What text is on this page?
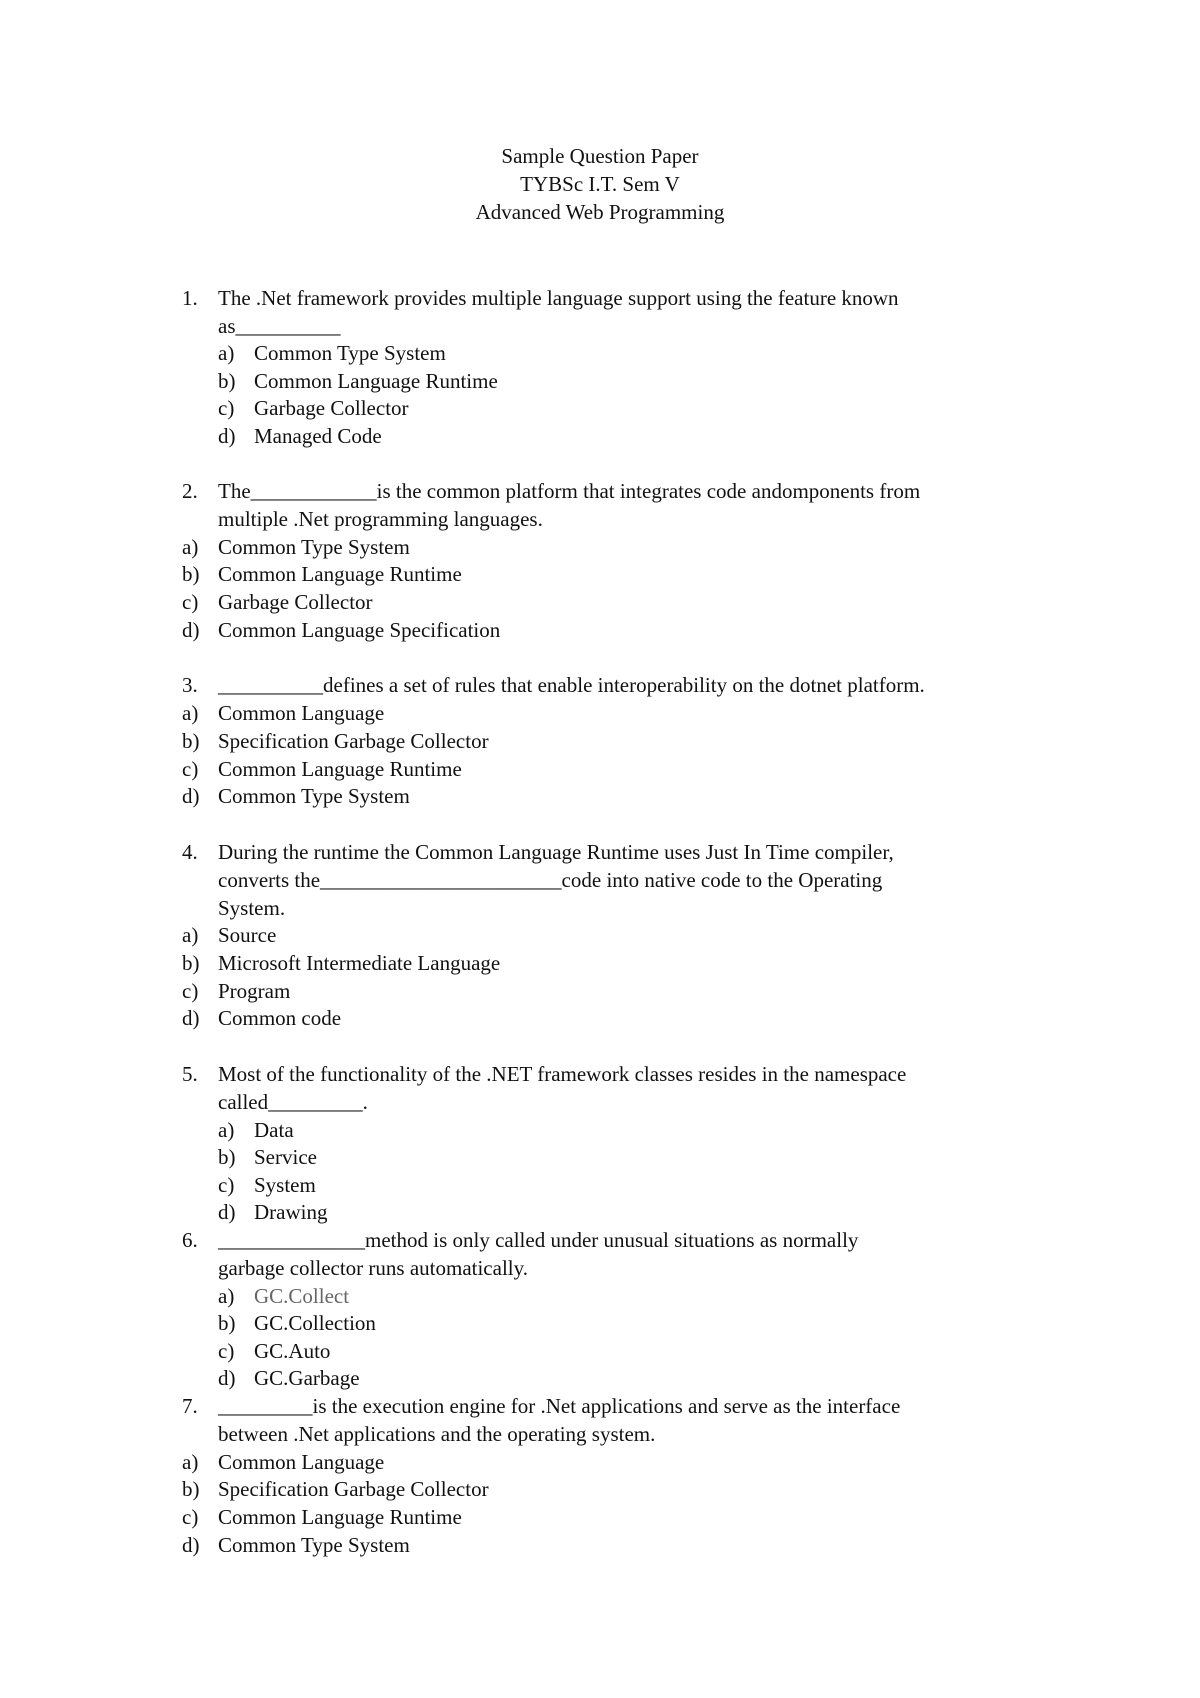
Sample Question Paper
TYBSc I.T. Sem V
Advanced Web Programming
1. The .Net framework provides multiple language support using the feature known
as__________
a) Common Type System
b) Common Language Runtime
c) Garbage Collector
d) Managed Code
2. The____________is the common platform that integrates code andomponents from
multiple .Net programming languages.
a) Common Type System
b) Common Language Runtime
c) Garbage Collector
d) Common Language Specification
3. __________defines a set of rules that enable interoperability on the dotnet platform.
a) Common Language
b) Specification Garbage Collector
c) Common Language Runtime
d) Common Type System
4. During the runtime the Common Language Runtime uses Just In Time compiler,
converts the_______________________code into native code to the Operating
System.
a) Source
b) Microsoft Intermediate Language
c) Program
d) Common code
5. Most of the functionality of the .NET framework classes resides in the namespace
called_________.
a) Data
b) Service
c) System
d) Drawing
6. ______________method is only called under unusual situations as normally
garbage collector runs automatically.
a) GC.Collect
b) GC.Collection
c) GC.Auto
d) GC.Garbage
7. _________is the execution engine for .Net applications and serve as the interface
between .Net applications and the operating system.
a) Common Language
b) Specification Garbage Collector
c) Common Language Runtime
d) Common Type System
